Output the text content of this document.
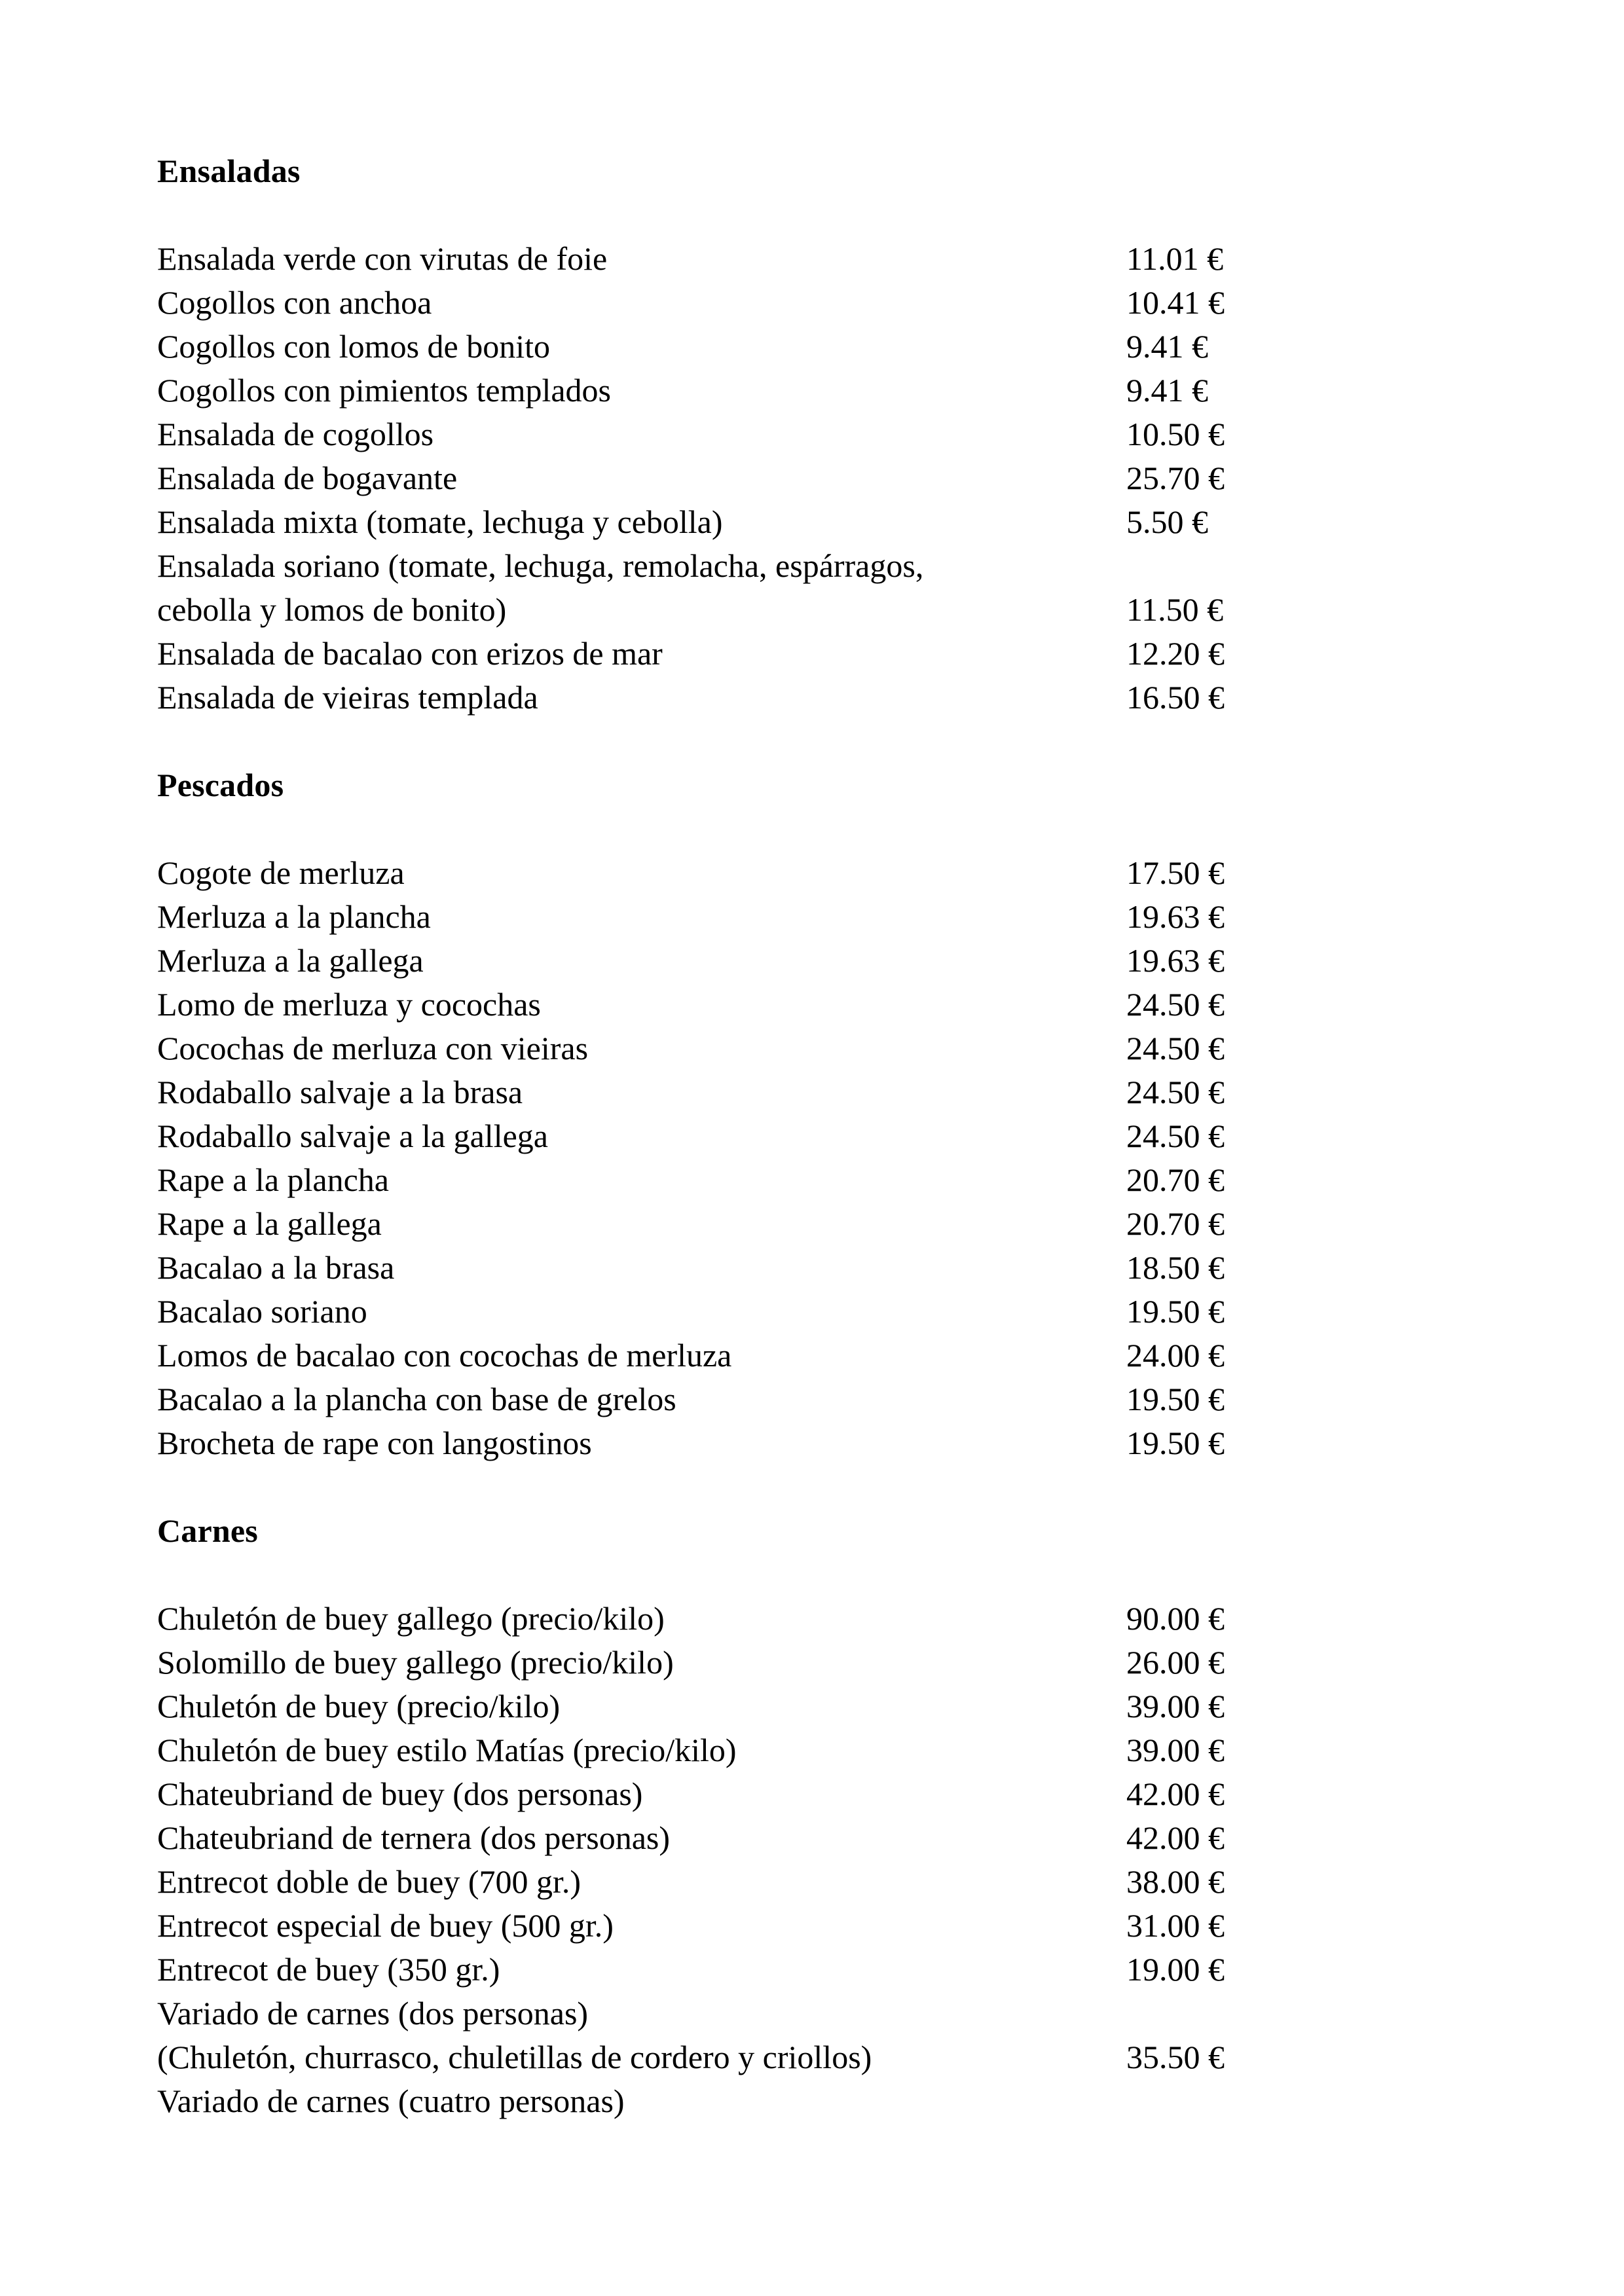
Ensaladas
Ensalada verde con virutas de foie	11.01 €
Cogollos con anchoa	10.41 €
Cogollos con lomos de bonito	9.41 €
Cogollos con pimientos templados	9.41 €
Ensalada de cogollos	10.50 €
Ensalada de bogavante	25.70 €
Ensalada mixta (tomate, lechuga y cebolla)	5.50 €
Ensalada soriano (tomate, lechuga, remolacha, espárragos,
cebolla y lomos de bonito)	11.50 €
Ensalada de bacalao con erizos de mar	12.20 €
Ensalada de vieiras templada	16.50 €
Pescados
Cogote de merluza	17.50 €
Merluza a la plancha	19.63 €
Merluza a la gallega	19.63 €
Lomo de merluza y cocochas	24.50 €
Cocochas de merluza con vieiras	24.50 €
Rodaballo salvaje a la brasa	24.50 €
Rodaballo salvaje a la gallega	24.50 €
Rape a la plancha	20.70 €
Rape a la gallega	20.70 €
Bacalao a la brasa	18.50 €
Bacalao soriano	19.50 €
Lomos de bacalao con cocochas de merluza	24.00 €
Bacalao a la plancha con base de grelos	19.50 €
Brocheta de rape con langostinos	19.50 €
Carnes
Chuletón de buey gallego (precio/kilo)	90.00 €
Solomillo de buey gallego (precio/kilo)	26.00 €
Chuletón de buey (precio/kilo)	39.00 €
Chuletón de buey estilo Matías (precio/kilo)	39.00 €
Chateubriand de buey (dos personas)	42.00 €
Chateubriand de ternera (dos personas)	42.00 €
Entrecot doble de buey (700 gr.)	38.00 €
Entrecot especial de buey (500 gr.)	31.00 €
Entrecot de buey (350 gr.)	19.00 €
Variado de carnes (dos personas)
(Chuletón, churrasco, chuletillas de cordero y criollos)	35.50 €
Variado de carnes (cuatro personas)
